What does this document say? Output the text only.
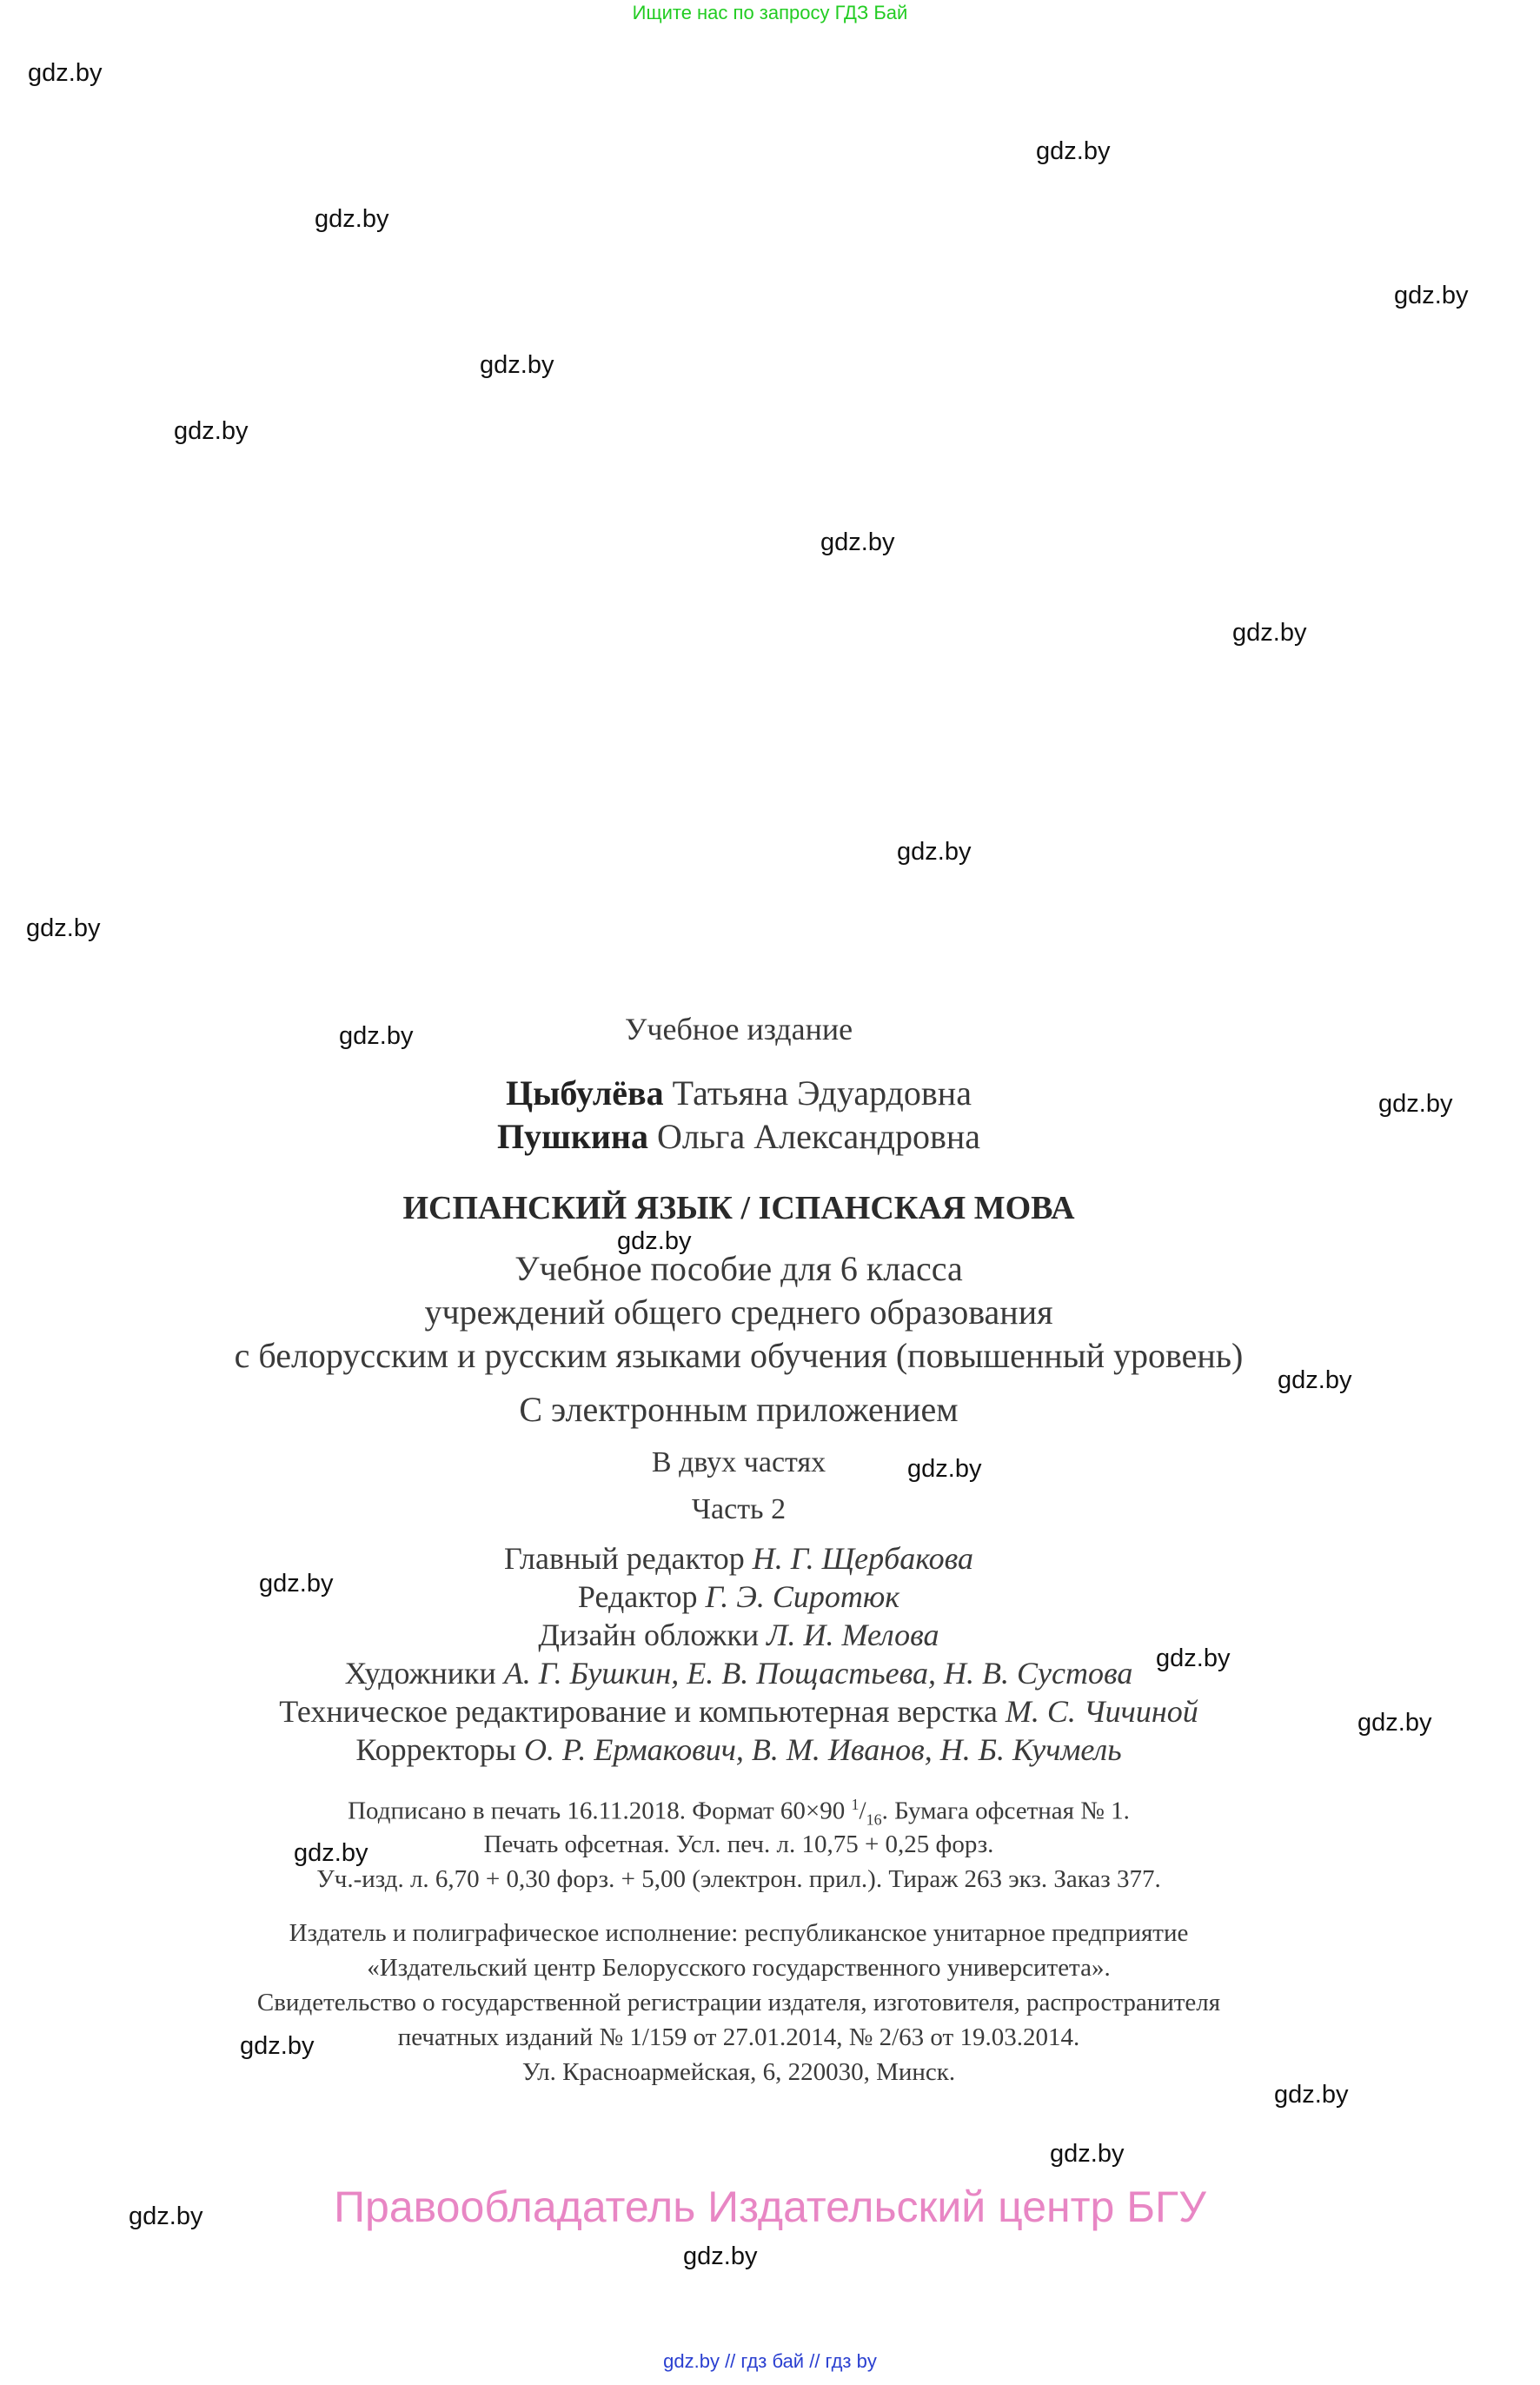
Ищите нас по запросу ГДЗ Бай
gdz.by
gdz.by
gdz.by
gdz.by
gdz.by
gdz.by
gdz.by
gdz.by
gdz.by
gdz.by
gdz.by
gdz.by
gdz.by
gdz.by
gdz.by
gdz.by
gdz.by
gdz.by
gdz.by
gdz.by
gdz.by
gdz.by
gdz.by
gdz.by
Учебное издание
Цыбулёва Татьяна Эдуардовна
Пушкина Ольга Александровна
ИСПАНСКИЙ ЯЗЫК / ІСПАНСКАЯ МОВА
Учебное пособие для 6 класса
учреждений общего среднего образования
с белорусским и русским языками обучения (повышенный уровень)
С электронным приложением
В двух частях
Часть 2
Главный редактор Н. Г. Щербакова
Редактор Г. Э. Сиротюк
Дизайн обложки Л. И. Мелова
Художники А. Г. Бушкин, Е. В. Пощастьева, Н. В. Сустова
Техническое редактирование и компьютерная верстка М. С. Чичиной
Корректоры О. Р. Ермакович, В. М. Иванов, Н. Б. Кучмель
Подписано в печать 16.11.2018. Формат 60×90 $^1/_{16}$. Бумага офсетная № 1.
Печать офсетная. Усл. печ. л. 10,75 + 0,25 форз.
Уч.-изд. л. 6,70 + 0,30 форз. + 5,00 (электрон. прил.). Тираж 263 экз. Заказ 377.
Издатель и полиграфическое исполнение: республиканское унитарное предприятие
«Издательский центр Белорусского государственного университета».
Свидетельство о государственной регистрации издателя, изготовителя, распространителя
печатных изданий № 1/159 от 27.01.2014, № 2/63 от 19.03.2014.
Ул. Красноармейская, 6, 220030, Минск.
Правообладатель Издательский центр БГУ
gdz.by // гдз бай // гдз by
